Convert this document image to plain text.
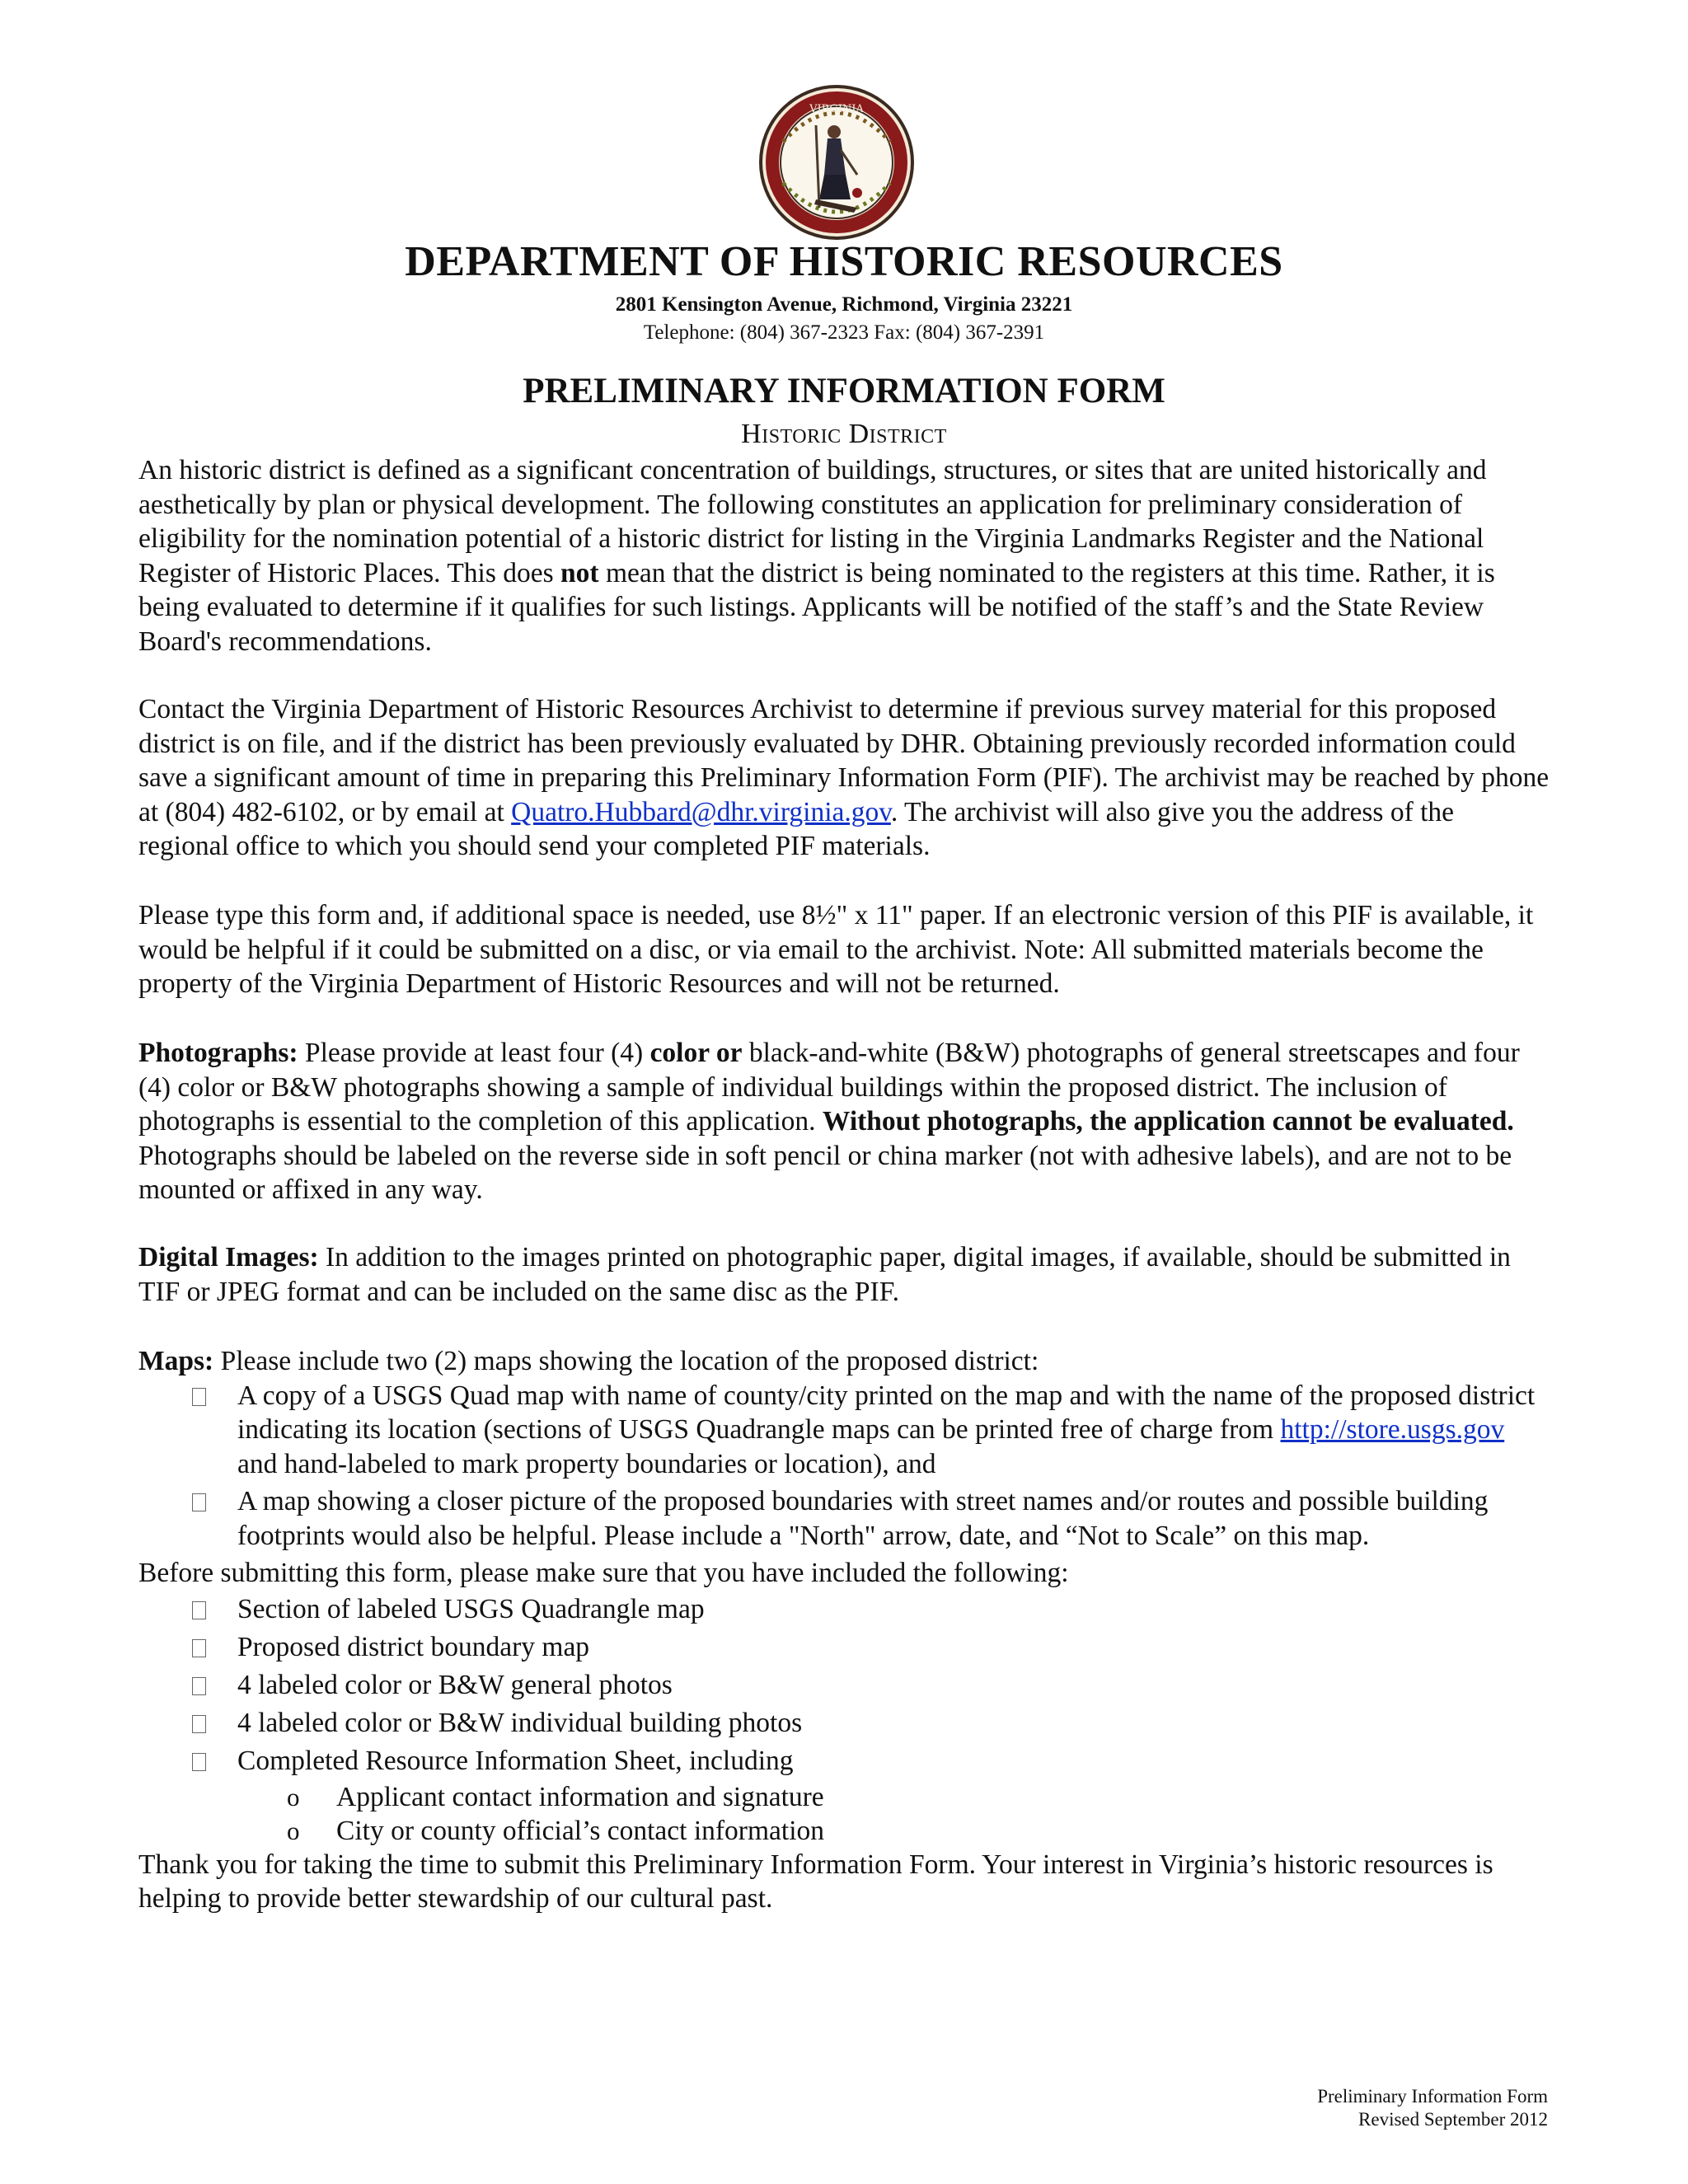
VIRGINIA
DEPARTMENT OF HISTORIC RESOURCES
2801 Kensington Avenue, Richmond, Virginia 23221
Telephone: (804) 367-2323 Fax: (804) 367-2391
PRELIMINARY INFORMATION FORM
Historic District

An historic district is defined as a significant concentration of buildings, structures, or sites that are united historically and aesthetically by plan or physical development. The following constitutes an application for preliminary consideration of eligibility for the nomination potential of a historic district for listing in the Virginia Landmarks Register and the National Register of Historic Places. This does not mean that the district is being nominated to the registers at this time. Rather, it is being evaluated to determine if it qualifies for such listings. Applicants will be notified of the staff’s and the State Review Board's recommendations.

Contact the Virginia Department of Historic Resources Archivist to determine if previous survey material for this proposed district is on file, and if the district has been previously evaluated by DHR. Obtaining previously recorded information could save a significant amount of time in preparing this Preliminary Information Form (PIF). The archivist may be reached by phone at (804) 482-6102, or by email at Quatro.Hubbard@dhr.virginia.gov. The archivist will also give you the address of the regional office to which you should send your completed PIF materials.

Please type this form and, if additional space is needed, use 8½" x 11" paper. If an electronic version of this PIF is available, it would be helpful if it could be submitted on a disc, or via email to the archivist. Note: All submitted materials become the property of the Virginia Department of Historic Resources and will not be returned.

Photographs: Please provide at least four (4) color or black-and-white (B&W) photographs of general streetscapes and four (4) color or B&W photographs showing a sample of individual buildings within the proposed district. The inclusion of photographs is essential to the completion of this application. Without photographs, the application cannot be evaluated. Photographs should be labeled on the reverse side in soft pencil or china marker (not with adhesive labels), and are not to be mounted or affixed in any way.

Digital Images: In addition to the images printed on photographic paper, digital images, if available, should be submitted in TIF or JPEG format and can be included on the same disc as the PIF.

Maps: Please include two (2) maps showing the location of the proposed district:

A copy of a USGS Quad map with name of county/city printed on the map and with the name of the proposed district indicating its location (sections of USGS Quadrangle maps can be printed free of charge from http://store.usgs.gov and hand-labeled to mark property boundaries or location), and
A map showing a closer picture of the proposed boundaries with street names and/or routes and possible building footprints would also be helpful. Please include a "North" arrow, date, and “Not to Scale” on this map.

Before submitting this form, please make sure that you have included the following:

Section of labeled USGS Quadrangle map
Proposed district boundary map
4 labeled color or B&W general photos
4 labeled color or B&W individual building photos
Completed Resource Information Sheet, including
o Applicant contact information and signature
o City or county official’s contact information

Thank you for taking the time to submit this Preliminary Information Form. Your interest in Virginia’s historic resources is helping to provide better stewardship of our cultural past.

Preliminary Information Form
Revised September 2012
